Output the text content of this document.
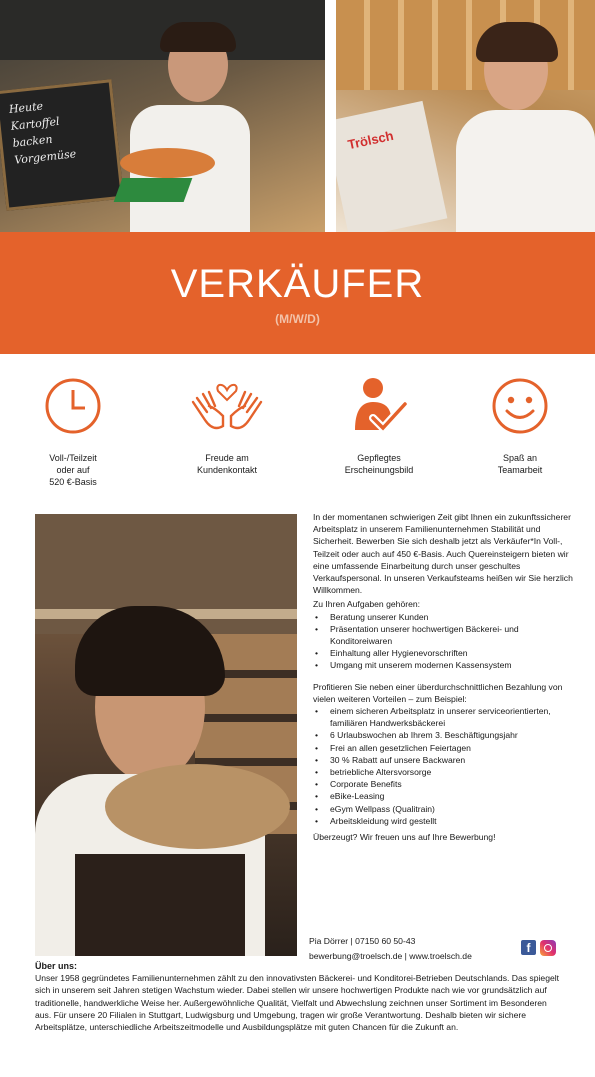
Heute
Kartoffel
backen
Vorgemüse
Trölsch
VERKÄUFER
(M/W/D)
Voll-/Teilzeit
oder auf
520 €-Basis
Freude am
Kundenkontakt
Gepflegtes
Erscheinungsbild
Spaß an
Teamarbeit

In der momentanen schwierigen Zeit gibt Ihnen ein zukunftssicherer Arbeitsplatz in unserem Familienunternehmen Stabilität und Sicherheit. Bewerben Sie sich deshalb jetzt als Verkäufer*In Voll-, Teilzeit oder auch auf 450 €-Basis. Auch Quereinsteigern bieten wir eine umfassende Einarbeitung durch unser geschultes Verkaufspersonal. In unseren Verkaufsteams heißen wir Sie herzlich Willkommen.

Zu Ihren Aufgaben gehören:

• Beratung unserer Kunden
• Präsentation unserer hochwertigen Bäckerei- und Konditoreiwaren
• Einhaltung aller Hygienevorschriften
• Umgang mit unserem modernen Kassensystem

Profitieren Sie neben einer überdurchschnittlichen Bezahlung von vielen weiteren Vorteilen – zum Beispiel:

• einem sicheren Arbeitsplatz in unserer serviceorientierten, familiären Handwerksbäckerei
• 6 Urlaubswochen ab Ihrem 3. Beschäftigungsjahr
• Frei an allen gesetzlichen Feiertagen
• 30 % Rabatt auf unsere Backwaren
• betriebliche Altersvorsorge
• Corporate Benefits
• eBike-Leasing
• eGym Wellpass (Qualitrain)
• Arbeitskleidung wird gestellt

Überzeugt? Wir freuen uns auf Ihre Bewerbung!

Pia Dörrer | 07150 60 50-43
bewerbung@troelsch.de | www.troelsch.de
f
Über uns:
Unser 1958 gegründetes Familienunternehmen zählt zu den innovativsten Bäckerei- und Konditorei-Betrieben Deutschlands. Das spiegelt sich in unserem seit Jahren stetigen Wachstum wieder. Dabei stellen wir unsere hochwertigen Produkte nach wie vor grundsätzlich auf traditionelle, handwerkliche Weise her. Außergewöhnliche Qualität, Vielfalt und Abwechslung zeichnen unser Sortiment im Besonderen aus. Für unsere 20 Filialen in Stuttgart, Ludwigsburg und Umgebung, tragen wir große Verantwortung. Deshalb bieten wir sichere Arbeitsplätze, unterschiedliche Arbeitszeitmodelle und Ausbildungsplätze mit guten Chancen für die Zukunft an.
